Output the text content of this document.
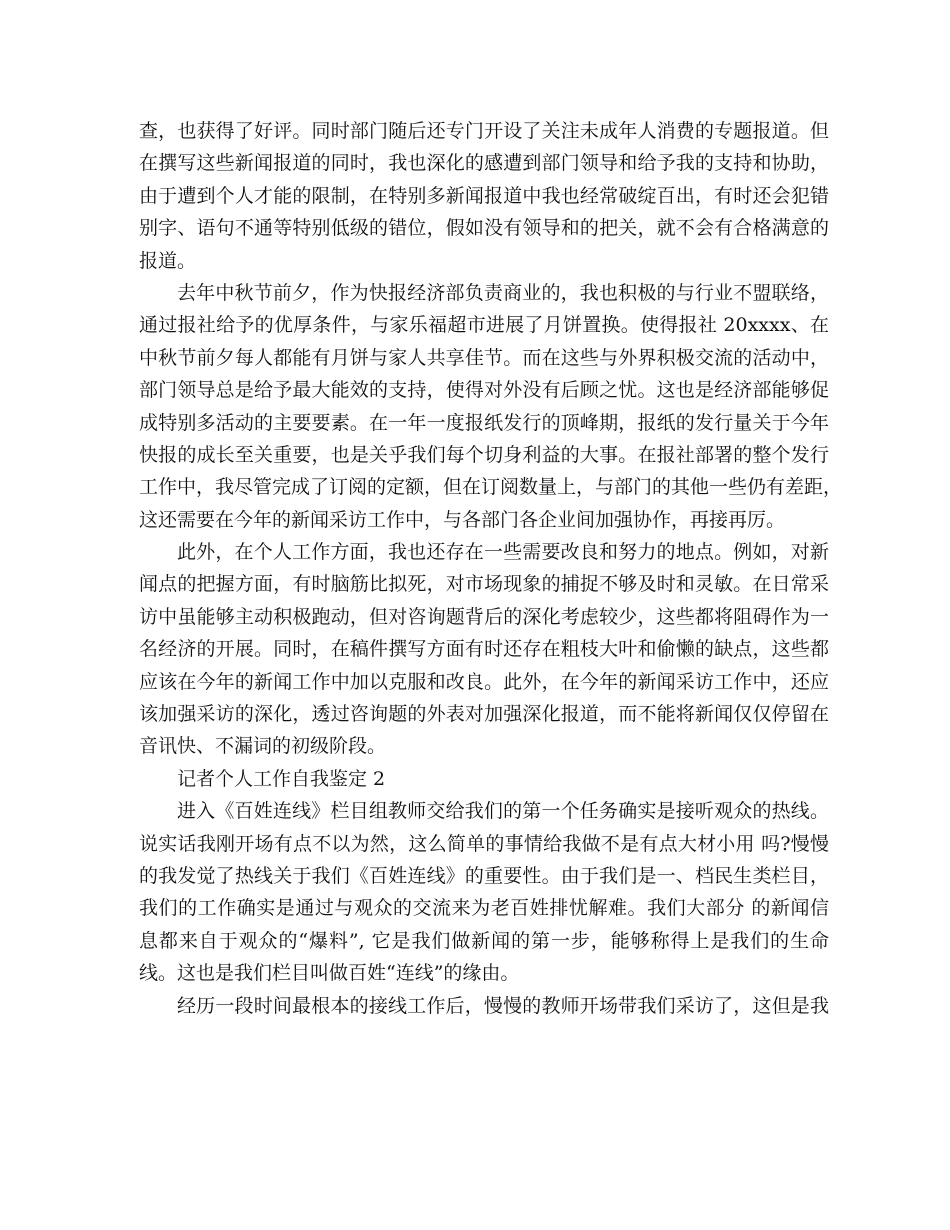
查，也获得了好评。同时部门随后还专门开设了关注未成年人消费的专题报道。但
在撰写这些新闻报道的同时，我也深化的感遭到部门领导和给予我的支持和协助，
由于遭到个人才能的限制，在特别多新闻报道中我也经常破绽百出，有时还会犯错
别字、语句不通等特别低级的错位，假如没有领导和的把关，就不会有合格满意的
报道。
去年中秋节前夕，作为快报经济部负责商业的，我也积极的与行业不盟联络，
通过报社给予的优厚条件，与家乐福超市进展了月饼置换。使得报社 20xxxx、在
中秋节前夕每人都能有月饼与家人共享佳节。而在这些与外界积极交流的活动中，
部门领导总是给予最大能效的支持，使得对外没有后顾之忧。这也是经济部能够促
成特别多活动的主要要素。在一年一度报纸发行的顶峰期，报纸的发行量关于今年
快报的成长至关重要，也是关乎我们每个切身利益的大事。在报社部署的整个发行
工作中，我尽管完成了订阅的定额，但在订阅数量上，与部门的其他一些仍有差距，
这还需要在今年的新闻采访工作中，与各部门各企业间加强协作，再接再厉。
此外，在个人工作方面，我也还存在一些需要改良和努力的地点。例如，对新
闻点的把握方面，有时脑筋比拟死，对市场现象的捕捉不够及时和灵敏。在日常采
访中虽能够主动积极跑动，但对咨询题背后的深化考虑较少，这些都将阻碍作为一
名经济的开展。同时，在稿件撰写方面有时还存在粗枝大叶和偷懒的缺点，这些都
应该在今年的新闻工作中加以克服和改良。此外，在今年的新闻采访工作中，还应
该加强采访的深化，透过咨询题的外表对加强深化报道，而不能将新闻仅仅停留在
音讯快、不漏词的初级阶段。
记者个人工作自我鉴定 2
进入《百姓连线》栏目组教师交给我们的第一个任务确实是接听观众的热线。
说实话我刚开场有点不以为然，这么简单的事情给我做不是有点大材小用 吗?慢慢
的我发觉了热线关于我们《百姓连线》的重要性。由于我们是一、档民生类栏目，
我们的工作确实是通过与观众的交流来为老百姓排忧解难。我们大部分 的新闻信
息都来自于观众的“爆料”, 它是我们做新闻的第一步，能够称得上是我们的生命
线。这也是我们栏目叫做百姓“连线”的缘由。
经历一段时间最根本的接线工作后，慢慢的教师开场带我们采访了，这但是我
